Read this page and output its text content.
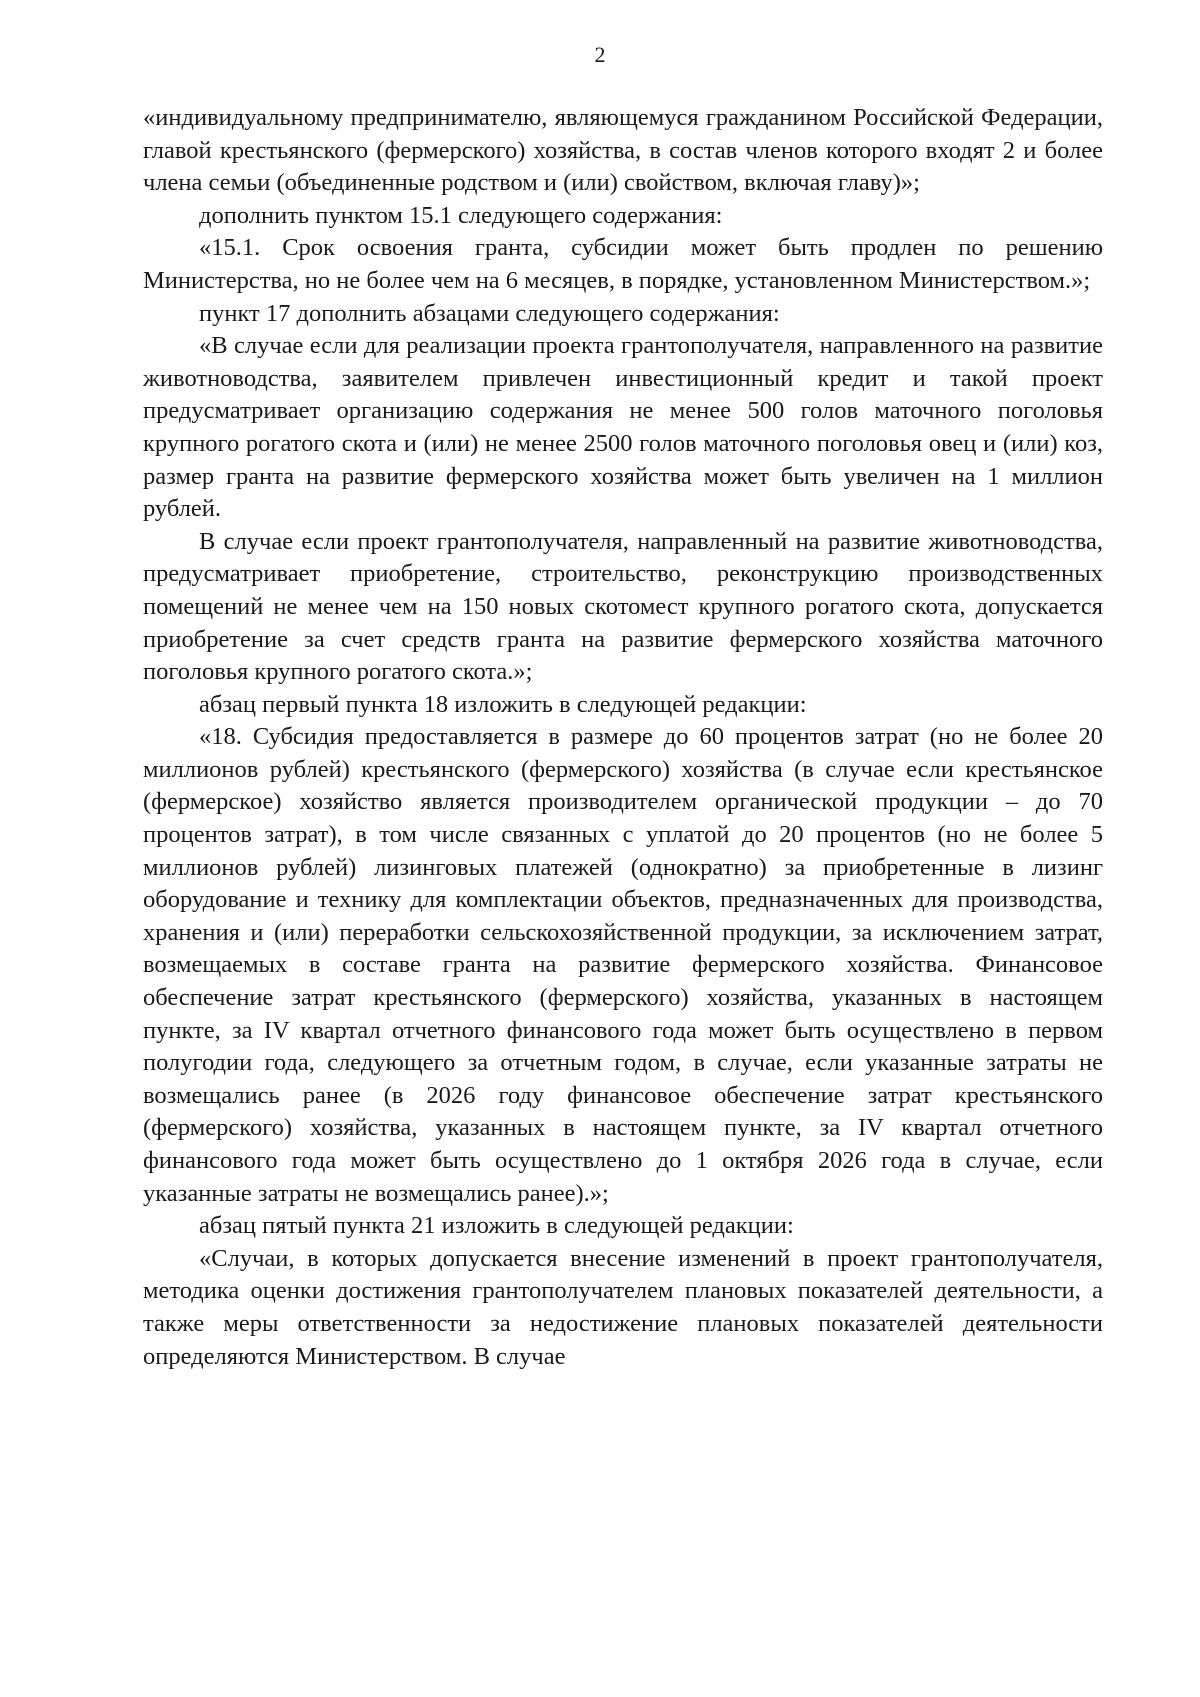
2

«индивидуальному предпринимателю, являющемуся гражданином Российской Федерации, главой крестьянского (фермерского) хозяйства, в состав членов которого входят 2 и более члена семьи (объединенные родством и (или) свойством, включая главу)»;

дополнить пунктом 15.1 следующего содержания:

«15.1. Срок освоения гранта, субсидии может быть продлен по решению Министерства, но не более чем на 6 месяцев, в порядке, установленном Министерством.»;

пункт 17 дополнить абзацами следующего содержания:

«В случае если для реализации проекта грантополучателя, направленного на развитие животноводства, заявителем привлечен инвестиционный кредит и такой проект предусматривает организацию содержания не менее 500 голов маточного поголовья крупного рогатого скота и (или) не менее 2500 голов маточного поголовья овец и (или) коз, размер гранта на развитие фермерского хозяйства может быть увеличен на 1 миллион рублей.

В случае если проект грантополучателя, направленный на развитие животноводства, предусматривает приобретение, строительство, реконструкцию производственных помещений не менее чем на 150 новых скотомест крупного рогатого скота, допускается приобретение за счет средств гранта на развитие фермерского хозяйства маточного поголовья крупного рогатого скота.»;

абзац первый пункта 18 изложить в следующей редакции:

«18. Субсидия предоставляется в размере до 60 процентов затрат (но не более 20 миллионов рублей) крестьянского (фермерского) хозяйства (в случае если крестьянское (фермерское) хозяйство является производителем органической продукции – до 70 процентов затрат), в том числе связанных с уплатой до 20 процентов (но не более 5 миллионов рублей) лизинговых платежей (однократно) за приобретенные в лизинг оборудование и технику для комплектации объектов, предназначенных для производства, хранения и (или) переработки сельскохозяйственной продукции, за исключением затрат, возмещаемых в составе гранта на развитие фермерского хозяйства. Финансовое обеспечение затрат крестьянского (фермерского) хозяйства, указанных в настоящем пункте, за IV квартал отчетного финансового года может быть осуществлено в первом полугодии года, следующего за отчетным годом, в случае, если указанные затраты не возмещались ранее (в 2026 году финансовое обеспечение затрат крестьянского (фермерского) хозяйства, указанных в настоящем пункте, за IV квартал отчетного финансового года может быть осуществлено до 1 октября 2026 года в случае, если указанные затраты не возмещались ранее).»;

абзац пятый пункта 21 изложить в следующей редакции:

«Случаи, в которых допускается внесение изменений в проект грантополучателя, методика оценки достижения грантополучателем плановых показателей деятельности, а также меры ответственности за недостижение плановых показателей деятельности определяются Министерством. В случае
